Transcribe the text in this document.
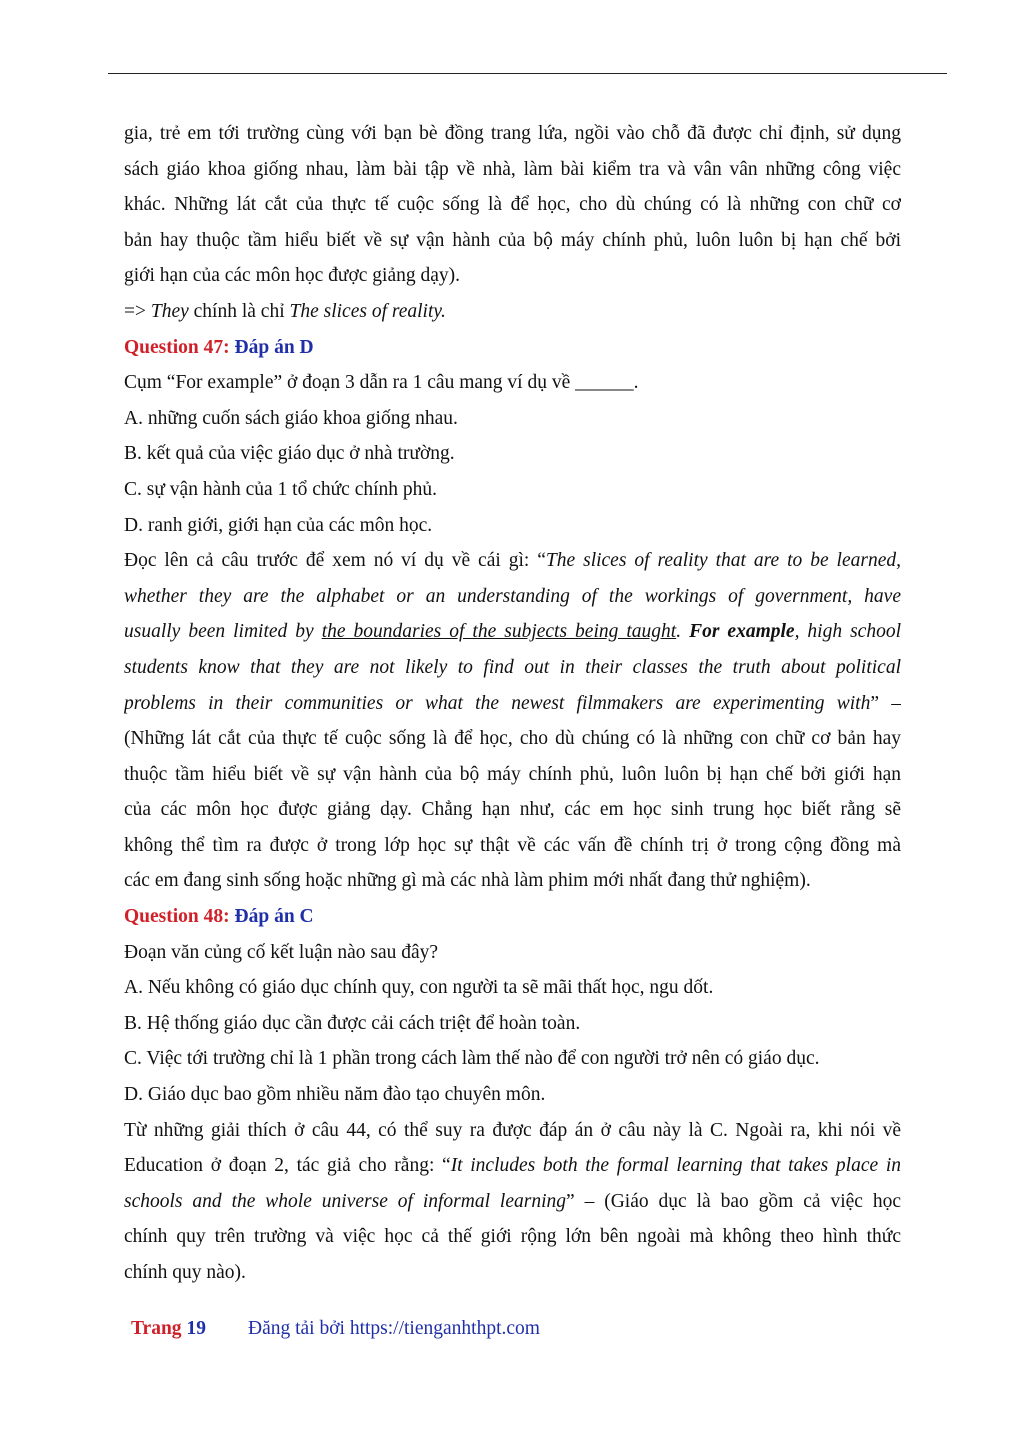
gia, trẻ em tới trường cùng với bạn bè đồng trang lứa, ngồi vào chỗ đã được chỉ định, sử dụng
sách giáo khoa giống nhau, làm bài tập về nhà, làm bài kiểm tra và vân vân những công việc
khác. Những lát cắt của thực tế cuộc sống là để học, cho dù chúng có là những con chữ cơ
bản hay thuộc tầm hiểu biết về sự vận hành của bộ máy chính phủ, luôn luôn bị hạn chế bởi
giới hạn của các môn học được giảng dạy).
=> They chính là chỉ The slices of reality.
Question 47: Đáp án D
Cụm “For example” ở đoạn 3 dẫn ra 1 câu mang ví dụ về ______.
A. những cuốn sách giáo khoa giống nhau.
B. kết quả của việc giáo dục ở nhà trường.
C. sự vận hành của 1 tổ chức chính phủ.
D. ranh giới, giới hạn của các môn học.
Đọc lên cả câu trước để xem nó ví dụ về cái gì: “The slices of reality that are to be learned,
whether they are the alphabet or an understanding of the workings of government, have
usually been limited by the boundaries of the subjects being taught. For example, high school
students know that they are not likely to find out in their classes the truth about political
problems in their communities or what the newest filmmakers are experimenting with” –
(Những lát cắt của thực tế cuộc sống là để học, cho dù chúng có là những con chữ cơ bản hay
thuộc tầm hiểu biết về sự vận hành của bộ máy chính phủ, luôn luôn bị hạn chế bởi giới hạn
của các môn học được giảng dạy. Chẳng hạn như, các em học sinh trung học biết rằng sẽ
không thể tìm ra được ở trong lớp học sự thật về các vấn đề chính trị ở trong cộng đồng mà
các em đang sinh sống hoặc những gì mà các nhà làm phim mới nhất đang thử nghiệm).
Question 48: Đáp án C
Đoạn văn củng cố kết luận nào sau đây?
A. Nếu không có giáo dục chính quy, con người ta sẽ mãi thất học, ngu dốt.
B. Hệ thống giáo dục cần được cải cách triệt để hoàn toàn.
C. Việc tới trường chỉ là 1 phần trong cách làm thế nào để con người trở nên có giáo dục.
D. Giáo dục bao gồm nhiều năm đào tạo chuyên môn.
Từ những giải thích ở câu 44, có thể suy ra được đáp án ở câu này là C. Ngoài ra, khi nói về
Education ở đoạn 2, tác giả cho rằng: “It includes both the formal learning that takes place in
schools and the whole universe of informal learning” – (Giáo dục là bao gồm cả việc học
chính quy trên trường và việc học cả thế giới rộng lớn bên ngoài mà không theo hình thức
chính quy nào).
Trang 19 Đăng tải bởi https://tienganhthpt.com
